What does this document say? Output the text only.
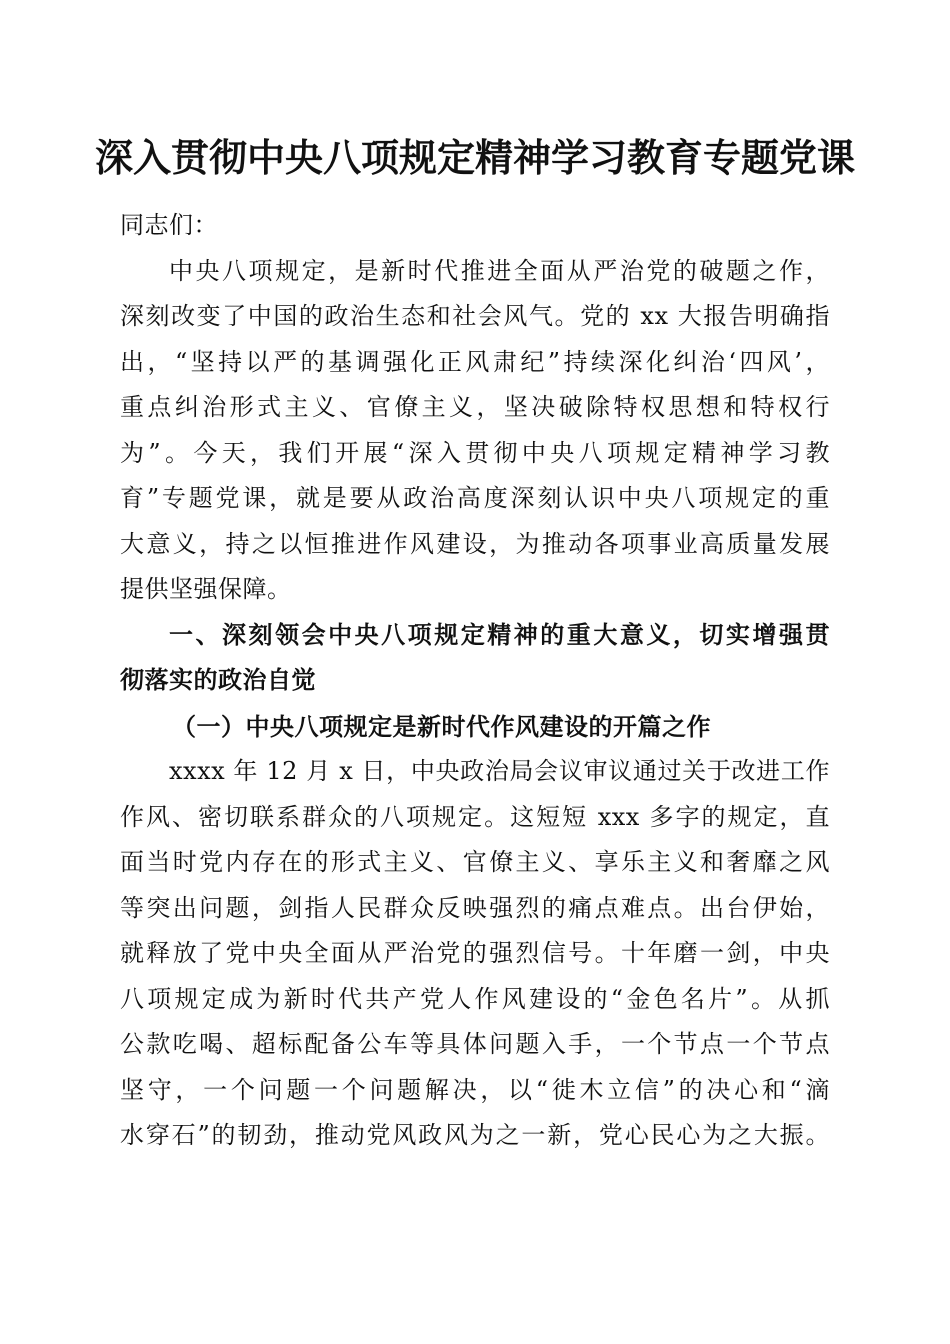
深入贯彻中央八项规定精神学习教育专题党课
同志们：
中央八项规定，是新时代推进全面从严治党的破题之作，
深刻改变了中国的政治生态和社会风气。党的 xx 大报告明确指
出，“坚持以严的基调强化正风肃纪”持续深化纠治‘四风’，
重点纠治形式主义、官僚主义，坚决破除特权思想和特权行
为”。今天，我们开展“深入贯彻中央八项规定精神学习教
育”专题党课，就是要从政治高度深刻认识中央八项规定的重
大意义，持之以恒推进作风建设，为推动各项事业高质量发展
提供坚强保障。
一、深刻领会中央八项规定精神的重大意义，切实增强贯
彻落实的政治自觉
（一）中央八项规定是新时代作风建设的开篇之作
xxxx 年 12 月 x 日，中央政治局会议审议通过关于改进工作
作风、密切联系群众的八项规定。这短短 xxx 多字的规定，直
面当时党内存在的形式主义、官僚主义、享乐主义和奢靡之风
等突出问题，剑指人民群众反映强烈的痛点难点。出台伊始，
就释放了党中央全面从严治党的强烈信号。十年磨一剑，中央
八项规定成为新时代共产党人作风建设的“金色名片”。从抓
公款吃喝、超标配备公车等具体问题入手，一个节点一个节点
坚守，一个问题一个问题解决，以“徙木立信”的决心和“滴
水穿石”的韧劲，推动党风政风为之一新，党心民心为之大振。
